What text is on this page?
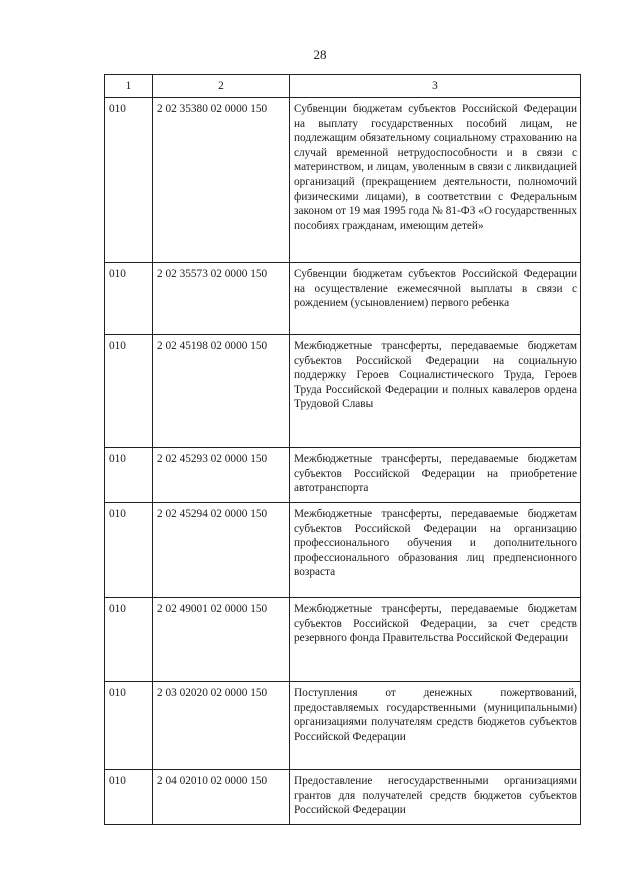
28
1	2	3
010	2 02 35380 02 0000 150	Субвенции бюджетам субъектов Российской Федерации на выплату государственных пособий лицам, не подлежащим обязательному социальному страхованию на случай временной нетрудоспособности и в связи с материнством, и лицам, уволенным в связи с ликвидацией организаций (прекращением деятельности, полномочий физическими лицами), в соответствии с Федеральным законом от 19 мая 1995 года № 81-ФЗ «О государственных пособиях гражданам, имеющим детей»
010	2 02 35573 02 0000 150	Субвенции бюджетам субъектов Российской Федерации на осуществление ежемесячной выплаты в связи с рождением (усыновлением) первого ребенка
010	2 02 45198 02 0000 150	Межбюджетные трансферты, передаваемые бюджетам субъектов Российской Федерации на социальную поддержку Героев Социалистического Труда, Героев Труда Российской Федерации и полных кавалеров ордена Трудовой Славы
010	2 02 45293 02 0000 150	Межбюджетные трансферты, передаваемые бюджетам субъектов Российской Федерации на приобретение автотранспорта
010	2 02 45294 02 0000 150	Межбюджетные трансферты, передаваемые бюджетам субъектов Российской Федерации на организацию профессионального обучения и дополнительного профессионального образования лиц предпенсионного возраста
010	2 02 49001 02 0000 150	Межбюджетные трансферты, передаваемые бюджетам субъектов Российской Федерации, за счет средств резервного фонда Правительства Российской Федерации
010	2 03 02020 02 0000 150	Поступления от денежных пожертвований, предоставляемых государственными (муниципальными) организациями получателям средств бюджетов субъектов Российской Федерации
010	2 04 02010 02 0000 150	Предоставление негосударственными организациями грантов для получателей средств бюджетов субъектов Российской Федерации
